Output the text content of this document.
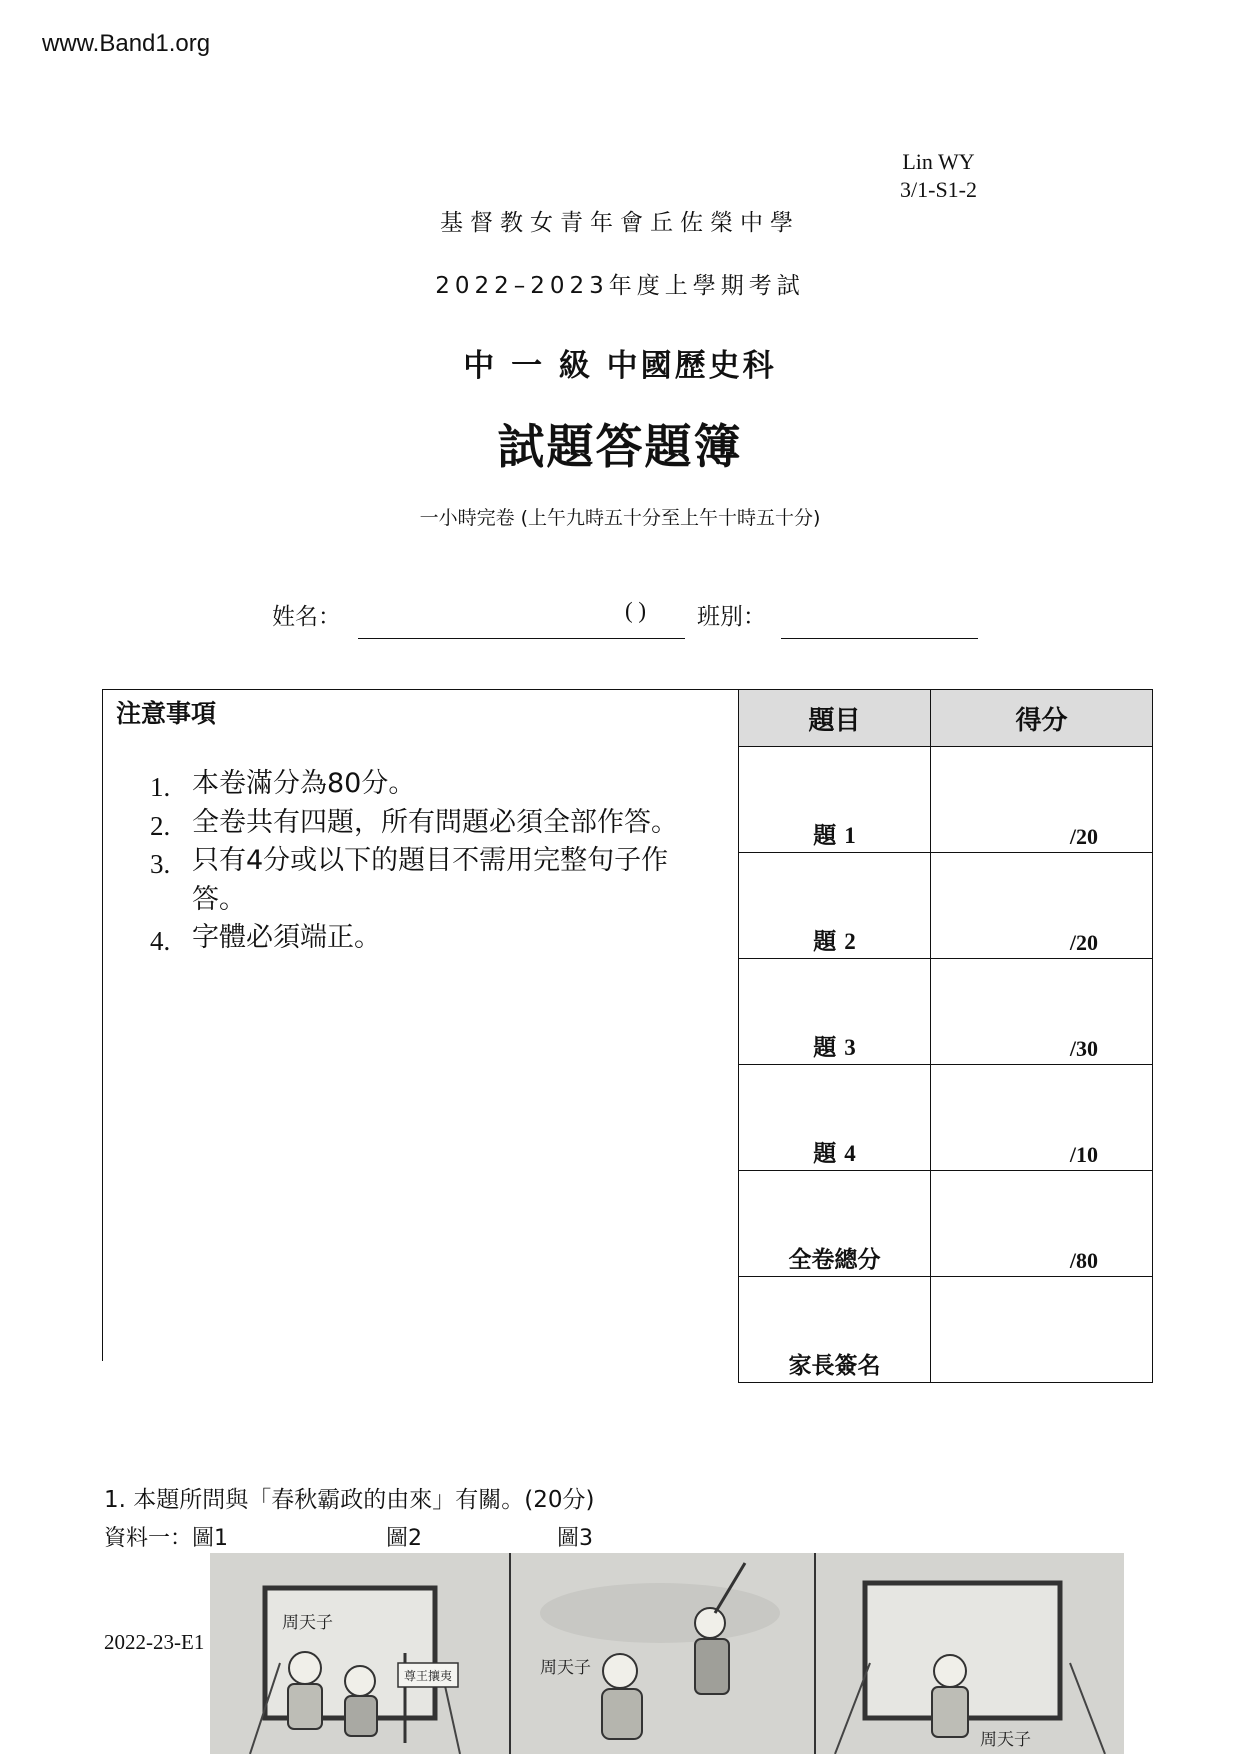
www.Band1.org
Lin WY
3/1-S1-2
基督教女青年會丘佐榮中學
2022–2023年度上學期考試
中 一 級 中國歷史科
試題答題簿
一小時完卷 (上午九時五十分至上午十時五十分)
姓名：	( ) 班別：
注意事項
1. 本卷滿分為80分。
2. 全卷共有四題，所有問題必須全部作答。
3. 只有4分或以下的題目不需用完整句子作答。
4. 字體必須端正。
題目	得分
題 1	/20
題 2	/20
題 3	/30
題 4	/10
全卷總分	/80
家長簽名	
1. 本題所問與「春秋霸政的由來」有關。(20分)
資料一：圖1	圖2	圖3
2022-23-E1
尊王攘夷
周天子
周天子
周天子
